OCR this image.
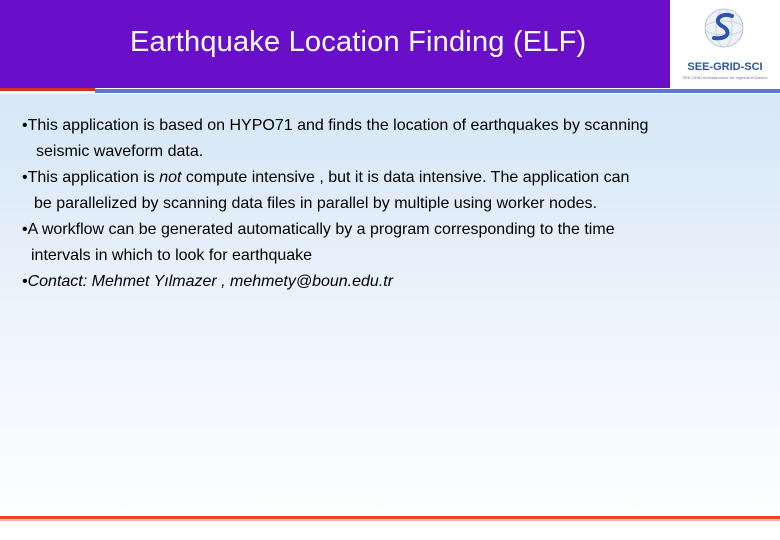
Earthquake Location Finding (ELF)
SEE-GRID-SCI
SEE-GRID eInfrastructure for regional eScience
•This application is based on HYPO71 and finds the location of earthquakes by scanning
seismic waveform data.
•This application is not compute intensive , but it is data intensive. The application can
be parallelized by scanning data files in parallel by multiple using worker nodes.
•A workflow can be generated automatically by a program corresponding to the time
intervals in which to look for earthquake
•Contact: Mehmet Yılmazer , mehmety@boun.edu.tr
